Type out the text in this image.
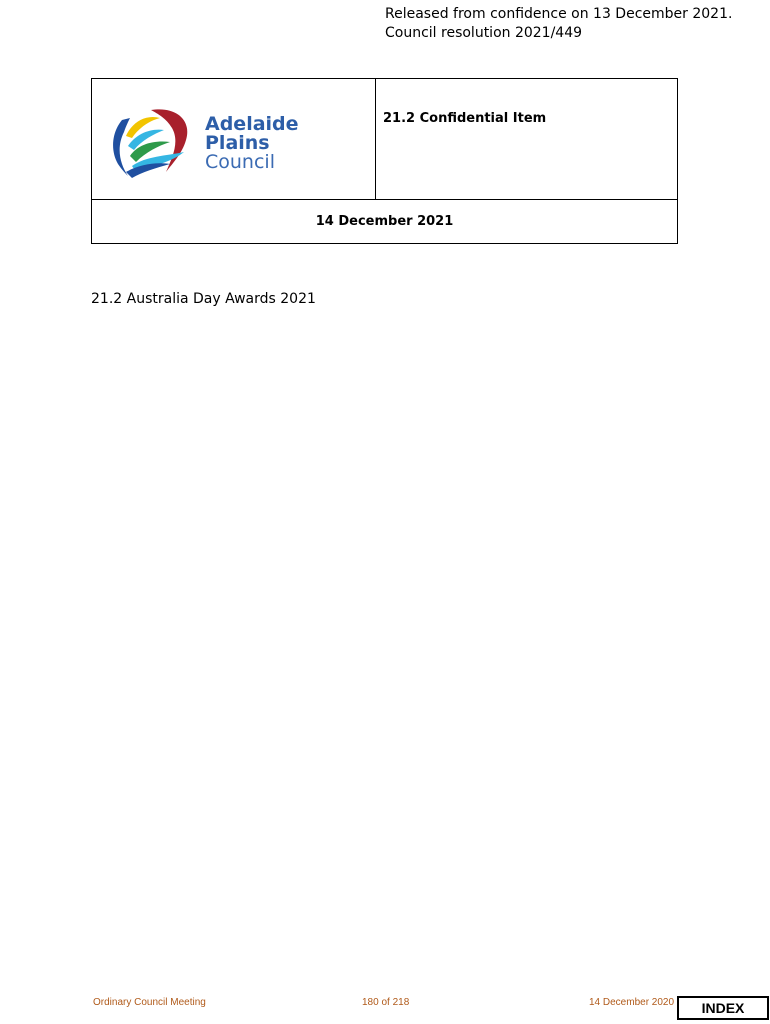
Released from confidence on 13 December 2021.
Council resolution 2021/449
Adelaide
Plains
Council
21.2 Confidential Item
14 December 2021
21.2 Australia Day Awards 2021
Ordinary Council Meeting	180 of 218	14 December 2020	INDEX
